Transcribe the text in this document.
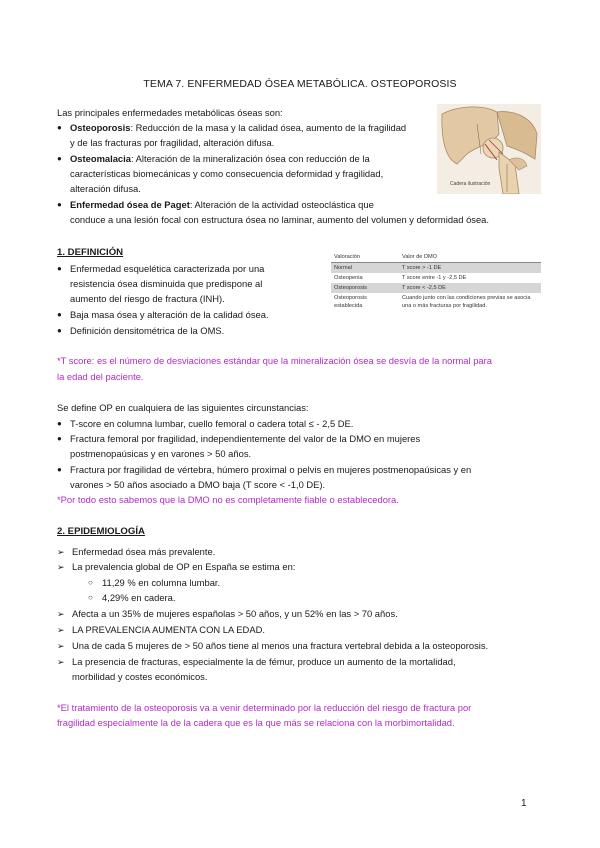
TEMA 7. ENFERMEDAD ÓSEA METABÓLICA. OSTEOPOROSIS
Las principales enfermedades metabólicas óseas son:
● Osteoporosis: Reducción de la masa y la calidad ósea, aumento de la fragilidad
y de las fracturas por fragilidad, alteración difusa.
● Osteomalacia: Alteración de la mineralización ósea con reducción de la
características biomecánicas y como consecuencia deformidad y fragilidad,
alteración difusa.
● Enfermedad ósea de Paget: Alteración de la actividad osteoclástica que
conduce a una lesión focal con estructura ósea no laminar, aumento del volumen y deformidad ósea.
Cadera ilustración
1. DEFINICIÓN
● Enfermedad esquelética caracterizada por una
resistencia ósea disminuida que predispone al
aumento del riesgo de fractura (INH).
● Baja masa ósea y alteración de la calidad ósea.
● Definición densitométrica de la OMS.
Valoración	Valor de DMO
Normal	T score > -1 DE
Osteopenia	T score entre -1 y -2,5 DE
Osteoporosis	T score < -2,5 DE
Osteoporosis establecida	Cuando junto con las condiciones previas se asocia una o más fracturas por fragilidad.
*T score: es el número de desviaciones estándar que la mineralización ósea se desvía de la normal para
la edad del paciente.
Se define OP en cualquiera de las siguientes circunstancias:
● T-score en columna lumbar, cuello femoral o cadera total ≤ - 2,5 DE.
● Fractura femoral por fragilidad, independientemente del valor de la DMO en mujeres
postmenopaúsicas y en varones > 50 años.
● Fractura por fragilidad de vértebra, húmero proximal o pelvis en mujeres postmenopaúsicas y en
varones > 50 años asociado a DMO baja (T score < -1,0 DE).
*Por todo esto sabemos que la DMO no es completamente fiable o establecedora.
2. EPIDEMIOLOGÍA
➢ Enfermedad ósea más prevalente.
➢ La prevalencia global de OP en España se estima en:
○ 11,29 % en columna lumbar.
○ 4,29% en cadera.
➢ Afecta a un 35% de mujeres españolas > 50 años, y un 52% en las > 70 años.
➢ LA PREVALENCIA AUMENTA CON LA EDAD.
➢ Una de cada 5 mujeres de > 50 años tiene al menos una fractura vertebral debida a la osteoporosis.
➢ La presencia de fracturas, especialmente la de fémur, produce un aumento de la mortalidad,
morbilidad y costes económicos.
*El tratamiento de la osteoporosis va a venir determinado por la reducción del riesgo de fractura por
fragilidad especialmente la de la cadera que es la que más se relaciona con la morbimortalidad.
1
